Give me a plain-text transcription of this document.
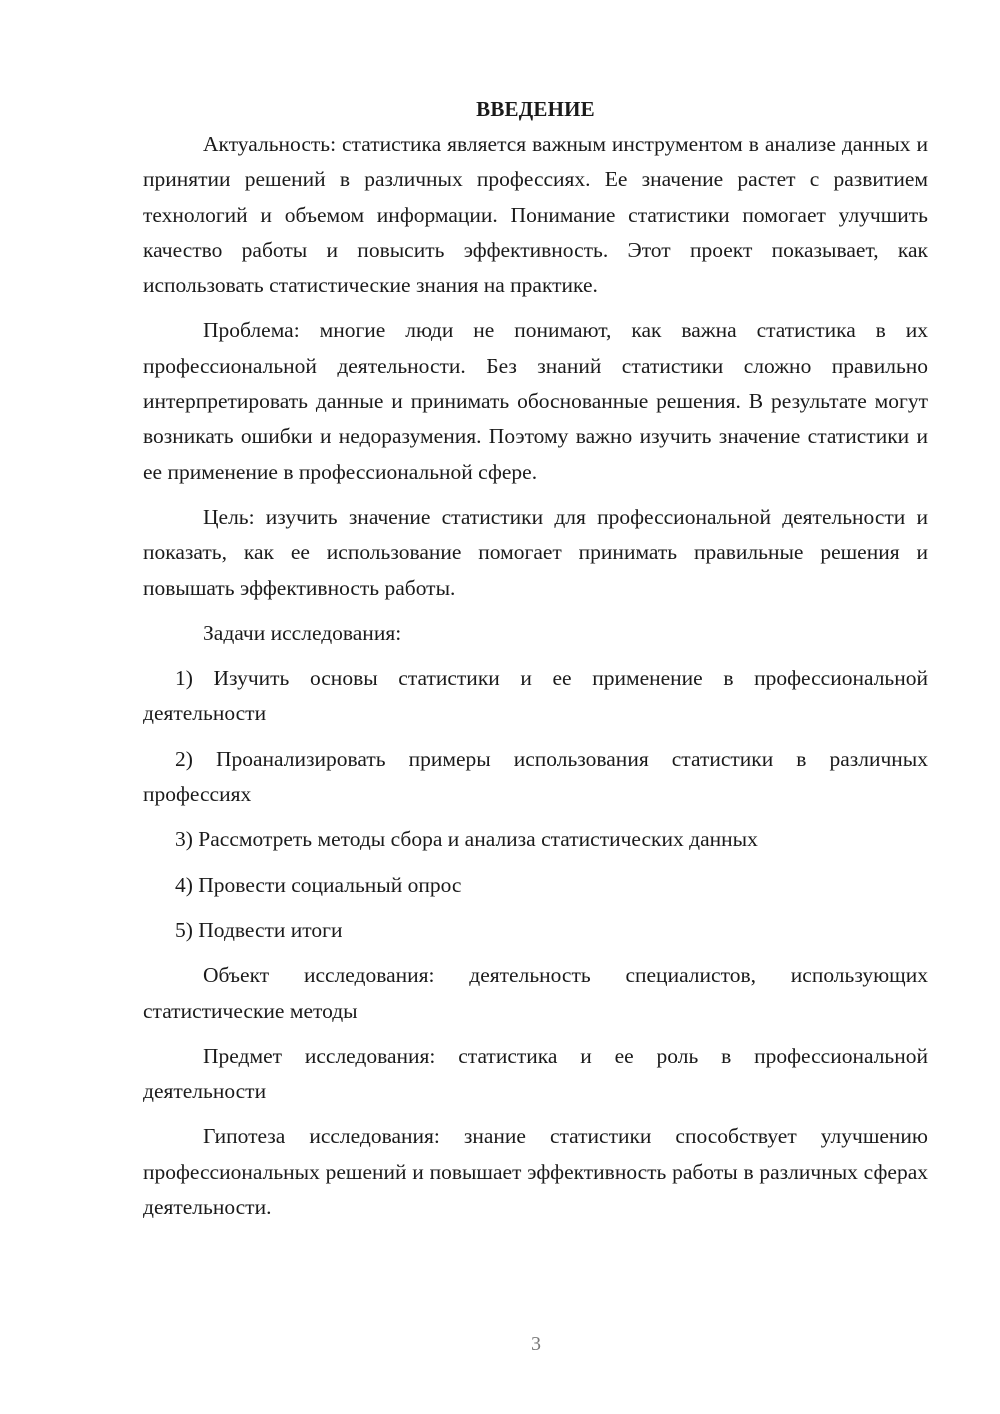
ВВЕДЕНИЕ

Актуальность: статистика является важным инструментом в анализе данных и принятии решений в различных профессиях. Ее значение растет с развитием технологий и объемом информации. Понимание статистики помогает улучшить качество работы и повысить эффективность. Этот проект показывает, как использовать статистические знания на практике.

Проблема: многие люди не понимают, как важна статистика в их профессиональной деятельности. Без знаний статистики сложно правильно интерпретировать данные и принимать обоснованные решения. В результате могут возникать ошибки и недоразумения. Поэтому важно изучить значение статистики и ее применение в профессиональной сфере.

Цель: изучить значение статистики для профессиональной деятельности и показать, как ее использование помогает принимать правильные решения и повышать эффективность работы.

Задачи исследования:

1) Изучить основы статистики и ее применение в профессиональной деятельности

2) Проанализировать примеры использования статистики в различных профессиях

3) Рассмотреть методы сбора и анализа статистических данных

4) Провести социальный опрос

5) Подвести итоги

Объект исследования: деятельность специалистов, использующих статистические методы

Предмет исследования: статистика и ее роль в профессиональной деятельности

Гипотеза исследования: знание статистики способствует улучшению профессиональных решений и повышает эффективность работы в различных сферах деятельности.

3
